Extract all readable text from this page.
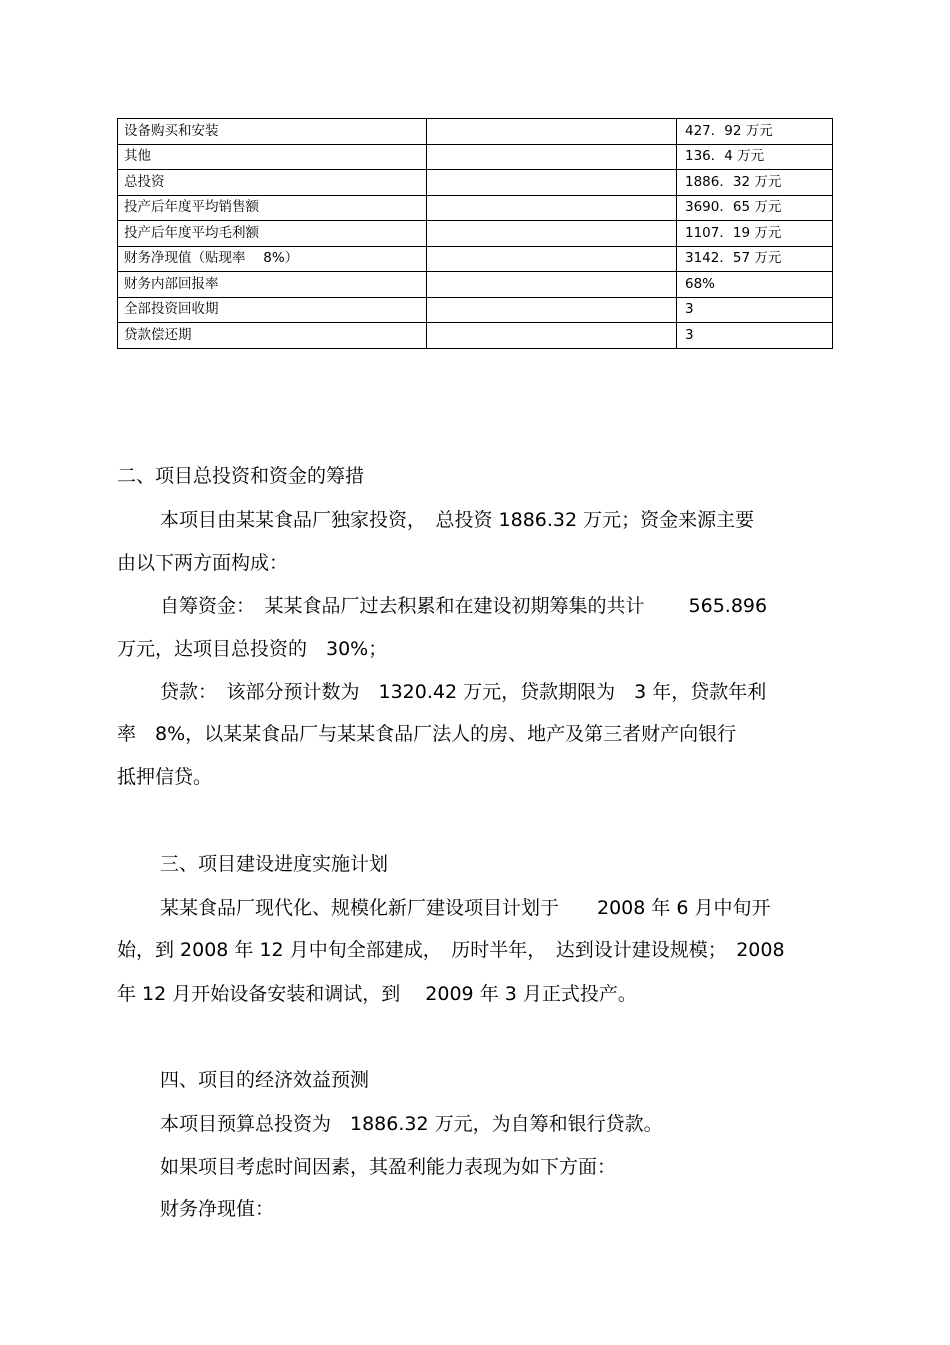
设备购买和安装		427．92 万元
其他		136．4 万元
总投资		1886．32 万元
投产后年度平均销售额		3690．65 万元
投产后年度平均毛利额		1107．19 万元
财务净现值（贴现率　 8%）		3142．57 万元
财务内部回报率		68%
全部投资回收期		3
贷款偿还期		3
二、项目总投资和资金的筹措
本项目由某某食品厂独家投资，　总投资 1886.32 万元；资金来源主要
由以下两方面构成：
自筹资金：　某某食品厂过去积累和在建设初期筹集的共计　　 565.896
万元，达项目总投资的　30%；
贷款：　该部分预计数为　1320.42 万元，贷款期限为　3 年，贷款年利
率　8%，以某某食品厂与某某食品厂法人的房、地产及第三者财产向银行
抵押信贷。
三、项目建设进度实施计划
某某食品厂现代化、规模化新厂建设项目计划于　　2008 年 6 月中旬开
始，到 2008 年 12 月中旬全部建成，　历时半年，　达到设计建设规模；　2008
年 12 月开始设备安装和调试，到　 2009 年 3 月正式投产。
四、项目的经济效益预测
本项目预算总投资为　1886.32 万元，为自筹和银行贷款。
如果项目考虑时间因素，其盈利能力表现为如下方面：
财务净现值：
